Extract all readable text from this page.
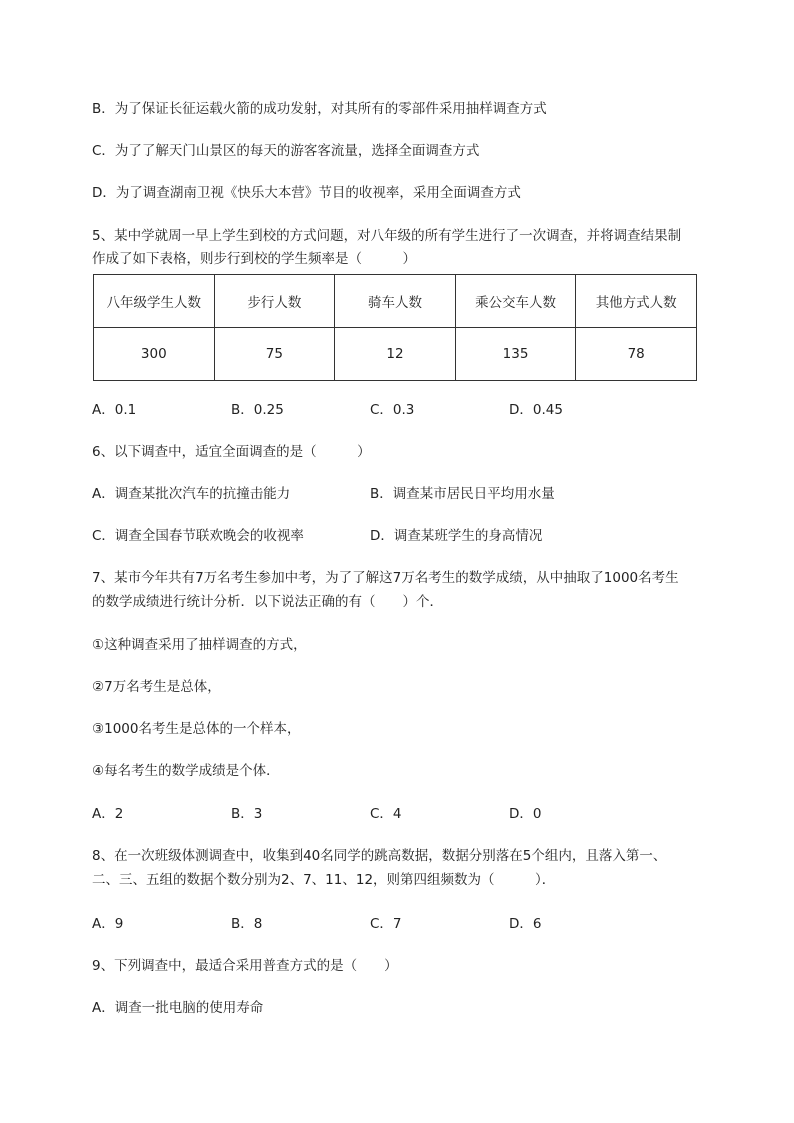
B．为了保证长征运载火箭的成功发射，对其所有的零部件采用抽样调查方式
C．为了了解天门山景区的每天的游客客流量，选择全面调查方式
D．为了调查湖南卫视《快乐大本营》节目的收视率，采用全面调查方式
5、某中学就周一早上学生到校的方式问题，对八年级的所有学生进行了一次调查，并将调查结果制
作成了如下表格，则步行到校的学生频率是（　　　）
八年级学生人数	步行人数	骑车人数	乘公交车人数	其他方式人数
300	75	12	135	78
A．0.1	B．0.25	C．0.3	D．0.45
6、以下调查中，适宜全面调查的是（　　　）
A．调查某批次汽车的抗撞击能力	B．调查某市居民日平均用水量
C．调查全国春节联欢晚会的收视率	D．调查某班学生的身高情况
7、某市今年共有7万名考生参加中考，为了了解这7万名考生的数学成绩，从中抽取了1000名考生
的数学成绩进行统计分析．以下说法正确的有（　　）个．
①这种调查采用了抽样调查的方式，
②7万名考生是总体，
③1000名考生是总体的一个样本，
④每名考生的数学成绩是个体．
A．2	B．3	C．4	D．0
8、在一次班级体测调查中，收集到40名同学的跳高数据，数据分别落在5个组内，且落入第一、
二、三、五组的数据个数分别为2、7、11、12，则第四组频数为（　　　）．
A．9	B．8	C．7	D．6
9、下列调查中，最适合采用普查方式的是（　　）
A．调查一批电脑的使用寿命
